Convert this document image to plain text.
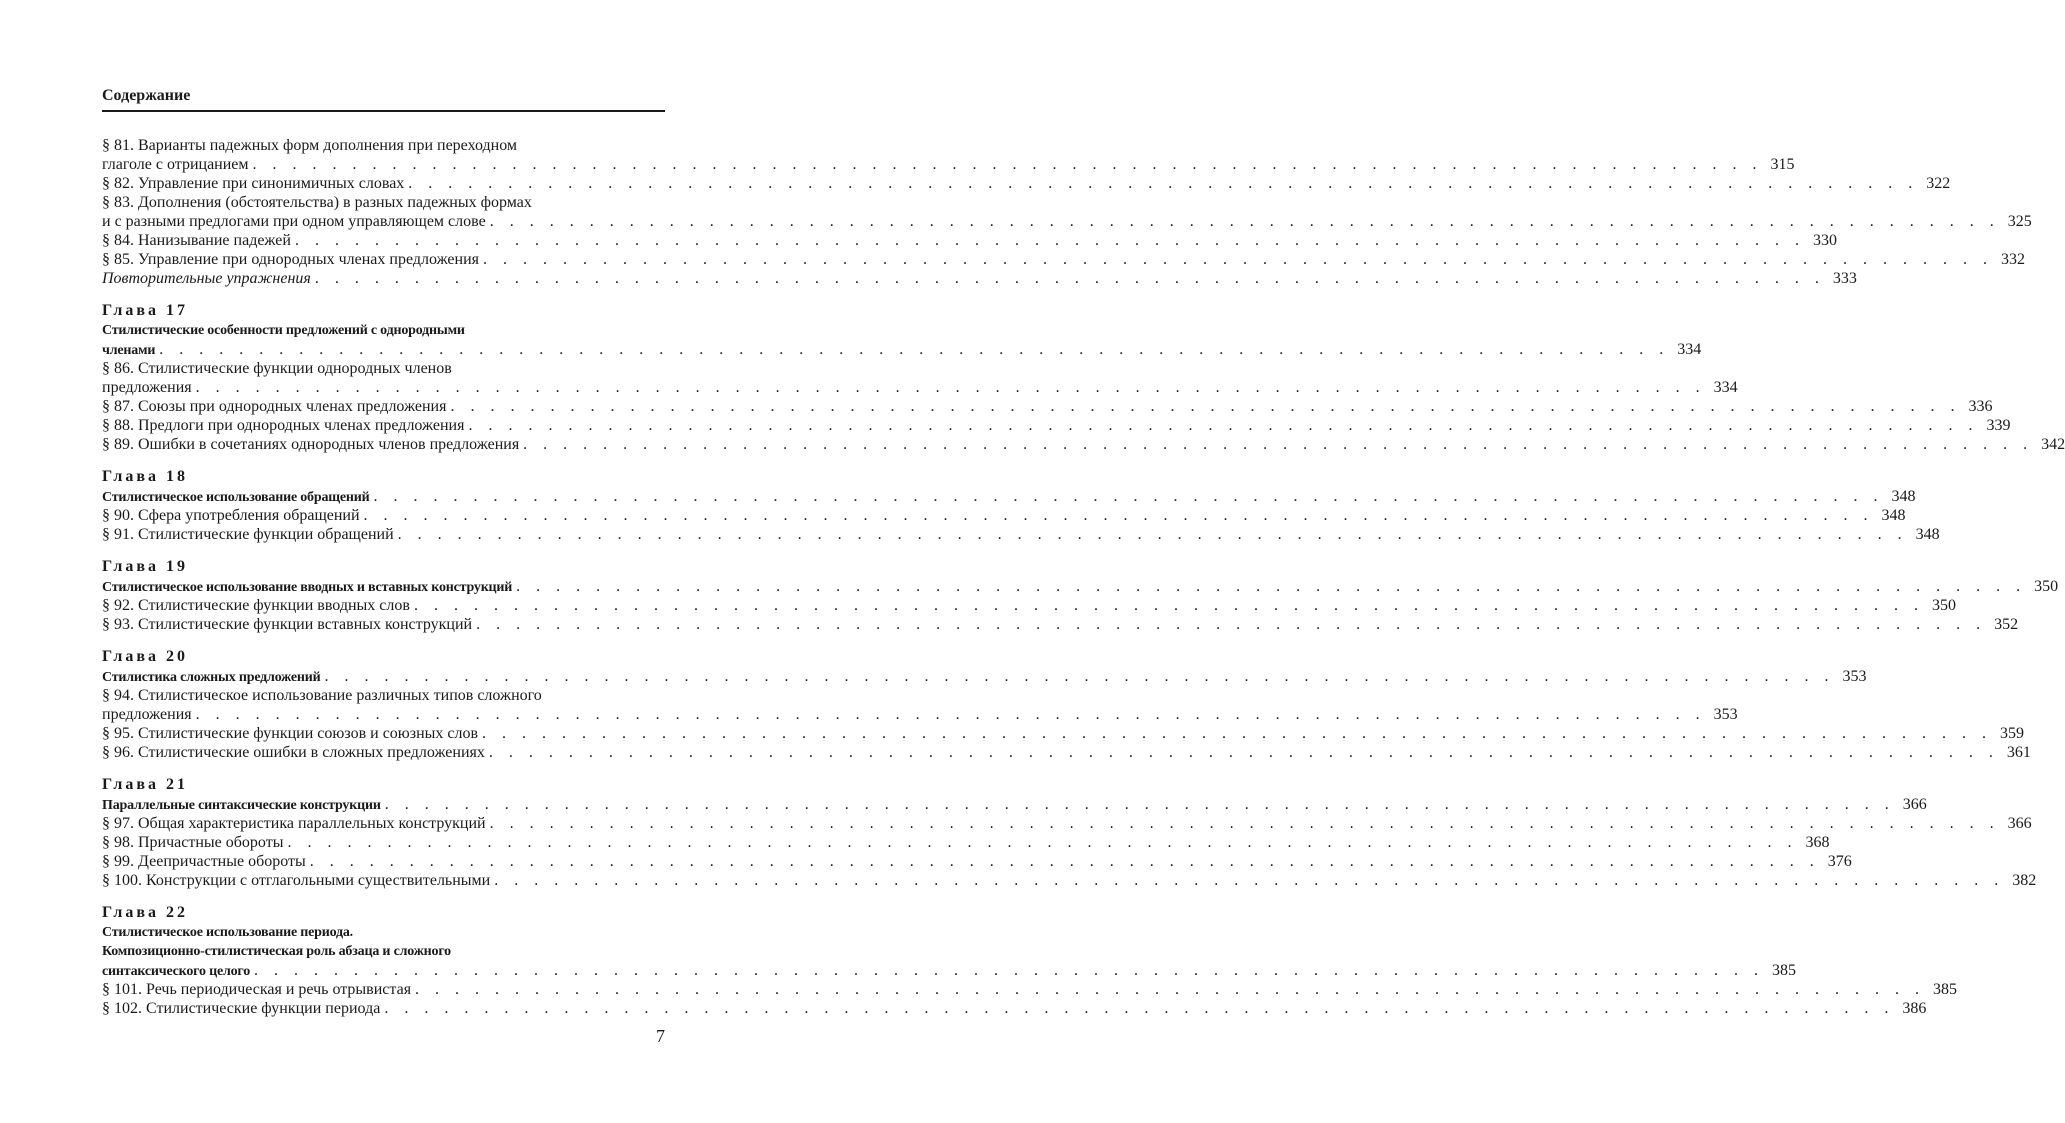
Содержание
§ 81. Варианты падежных форм дополнения при переходном
глаголе с отрицанием . . .	315
§ 82. Управление при синонимичных словах . . .	322
§ 83. Дополнения (обстоятельства) в разных падежных формах
и с разными предлогами при одном управляющем слове . . .	325
§ 84. Нанизывание падежей . . .	330
§ 85. Управление при однородных членах предложения . . .	332
Повторительные упражнения . . .	333
Глава 17
Стилистические особенности предложений с однородными
членами . . .	334
§ 86. Стилистические функции однородных членов
предложения . . .	334
§ 87. Союзы при однородных членах предложения . . .	336
§ 88. Предлоги при однородных членах предложения . . .	339
§ 89. Ошибки в сочетаниях однородных членов предложения . . .	342
Глава 18
Стилистическое использование обращений . . .	348
§ 90. Сфера употребления обращений . . .	348
§ 91. Стилистические функции обращений . . .	348
Глава 19
Стилистическое использование вводных и вставных конструкций . . .	350
§ 92. Стилистические функции вводных слов . . .	350
§ 93. Стилистические функции вставных конструкций . . .	352
Глава 20
Стилистика сложных предложений . . .	353
§ 94. Стилистическое использование различных типов сложного
предложения . . .	353
§ 95. Стилистические функции союзов и союзных слов . . .	359
§ 96. Стилистические ошибки в сложных предложениях . . .	361
Глава 21
Параллельные синтаксические конструкции . . .	366
§ 97. Общая характеристика параллельных конструкций . . .	366
§ 98. Причастные обороты . . .	368
§ 99. Деепричастные обороты . . .	376
§ 100. Конструкции с отглагольными существительными . . .	382
Глава 22
Стилистическое использование периода.
Композиционно-стилистическая роль абзаца и сложного
синтаксического целого . . .	385
§ 101. Речь периодическая и речь отрывистая . . .	385
§ 102. Стилистические функции периода . . .	386
7
